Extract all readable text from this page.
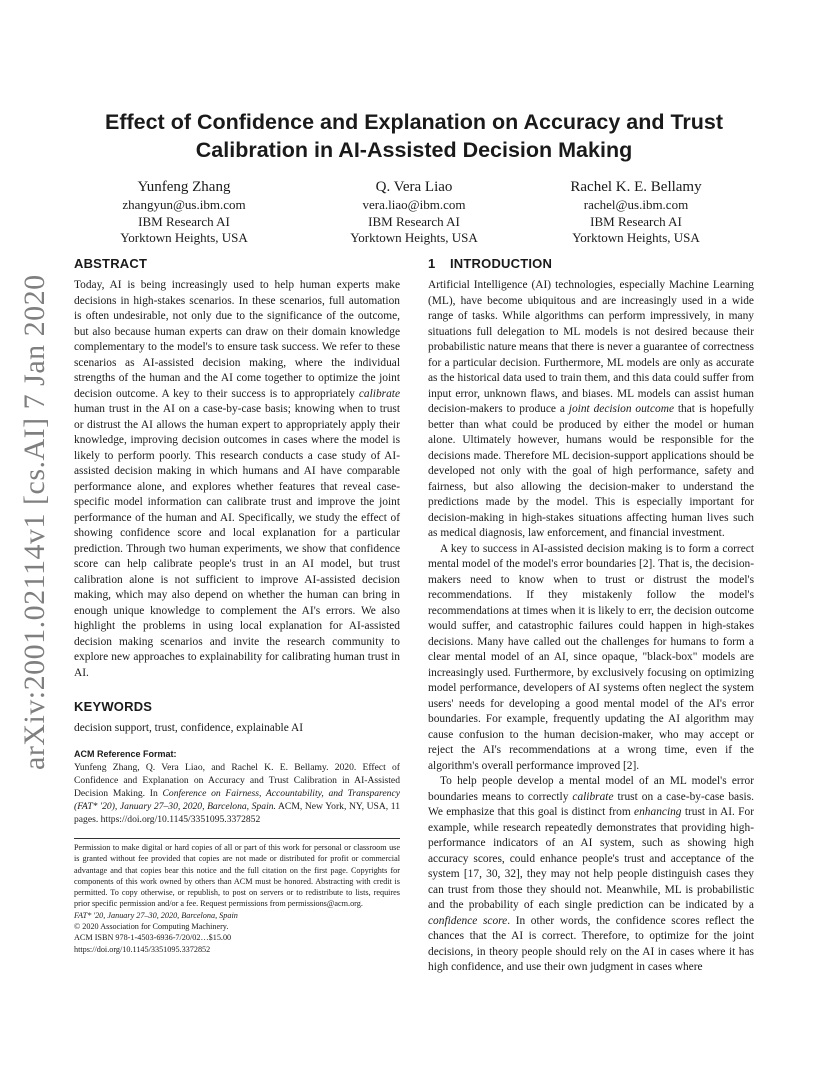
arXiv:2001.02114v1 [cs.AI] 7 Jan 2020
Effect of Confidence and Explanation on Accuracy and Trust Calibration in AI-Assisted Decision Making
Yunfeng Zhang
zhangyun@us.ibm.com
IBM Research AI
Yorktown Heights, USA
Q. Vera Liao
vera.liao@ibm.com
IBM Research AI
Yorktown Heights, USA
Rachel K. E. Bellamy
rachel@us.ibm.com
IBM Research AI
Yorktown Heights, USA
ABSTRACT

Today, AI is being increasingly used to help human experts make decisions in high-stakes scenarios. In these scenarios, full automation is often undesirable, not only due to the significance of the outcome, but also because human experts can draw on their domain knowledge complementary to the model's to ensure task success. We refer to these scenarios as AI-assisted decision making, where the individual strengths of the human and the AI come together to optimize the joint decision outcome. A key to their success is to appropriately calibrate human trust in the AI on a case-by-case basis; knowing when to trust or distrust the AI allows the human expert to appropriately apply their knowledge, improving decision outcomes in cases where the model is likely to perform poorly. This research conducts a case study of AI-assisted decision making in which humans and AI have comparable performance alone, and explores whether features that reveal case-specific model information can calibrate trust and improve the joint performance of the human and AI. Specifically, we study the effect of showing confidence score and local explanation for a particular prediction. Through two human experiments, we show that confidence score can help calibrate people's trust in an AI model, but trust calibration alone is not sufficient to improve AI-assisted decision making, which may also depend on whether the human can bring in enough unique knowledge to complement the AI's errors. We also highlight the problems in using local explanation for AI-assisted decision making scenarios and invite the research community to explore new approaches to explainability for calibrating human trust in AI.

KEYWORDS

decision support, trust, confidence, explainable AI

ACM Reference Format:

Yunfeng Zhang, Q. Vera Liao, and Rachel K. E. Bellamy. 2020. Effect of Confidence and Explanation on Accuracy and Trust Calibration in AI-Assisted Decision Making. In Conference on Fairness, Accountability, and Transparency (FAT* '20), January 27–30, 2020, Barcelona, Spain. ACM, New York, NY, USA, 11 pages. https://doi.org/10.1145/3351095.3372852

Permission to make digital or hard copies of all or part of this work for personal or classroom use is granted without fee provided that copies are not made or distributed for profit or commercial advantage and that copies bear this notice and the full citation on the first page. Copyrights for components of this work owned by others than ACM must be honored. Abstracting with credit is permitted. To copy otherwise, or republish, to post on servers or to redistribute to lists, requires prior specific permission and/or a fee. Request permissions from permissions@acm.org.

FAT* '20, January 27–30, 2020, Barcelona, Spain
© 2020 Association for Computing Machinery.
ACM ISBN 978-1-4503-6936-7/20/02…$15.00
https://doi.org/10.1145/3351095.3372852
1 INTRODUCTION

Artificial Intelligence (AI) technologies, especially Machine Learning (ML), have become ubiquitous and are increasingly used in a wide range of tasks. While algorithms can perform impressively, in many situations full delegation to ML models is not desired because their probabilistic nature means that there is never a guarantee of correctness for a particular decision. Furthermore, ML models are only as accurate as the historical data used to train them, and this data could suffer from input error, unknown flaws, and biases. ML models can assist human decision-makers to produce a joint decision outcome that is hopefully better than what could be produced by either the model or human alone. Ultimately however, humans would be responsible for the decisions made. Therefore ML decision-support applications should be developed not only with the goal of high performance, safety and fairness, but also allowing the decision-maker to understand the predictions made by the model. This is especially important for decision-making in high-stakes situations affecting human lives such as medical diagnosis, law enforcement, and financial investment.

A key to success in AI-assisted decision making is to form a correct mental model of the model's error boundaries [2]. That is, the decision-makers need to know when to trust or distrust the model's recommendations. If they mistakenly follow the model's recommendations at times when it is likely to err, the decision outcome would suffer, and catastrophic failures could happen in high-stakes decisions. Many have called out the challenges for humans to form a clear mental model of an AI, since opaque, "black-box" models are increasingly used. Furthermore, by exclusively focusing on optimizing model performance, developers of AI systems often neglect the system users' needs for developing a good mental model of the AI's error boundaries. For example, frequently updating the AI algorithm may cause confusion to the human decision-maker, who may accept or reject the AI's recommendations at a wrong time, even if the algorithm's overall performance improved [2].

To help people develop a mental model of an ML model's error boundaries means to correctly calibrate trust on a case-by-case basis. We emphasize that this goal is distinct from enhancing trust in AI. For example, while research repeatedly demonstrates that providing high-performance indicators of an AI system, such as showing high accuracy scores, could enhance people's trust and acceptance of the system [17, 30, 32], they may not help people distinguish cases they can trust from those they should not. Meanwhile, ML is probabilistic and the probability of each single prediction can be indicated by a confidence score. In other words, the confidence scores reflect the chances that the AI is correct. Therefore, to optimize for the joint decisions, in theory people should rely on the AI in cases where it has high confidence, and use their own judgment in cases where
